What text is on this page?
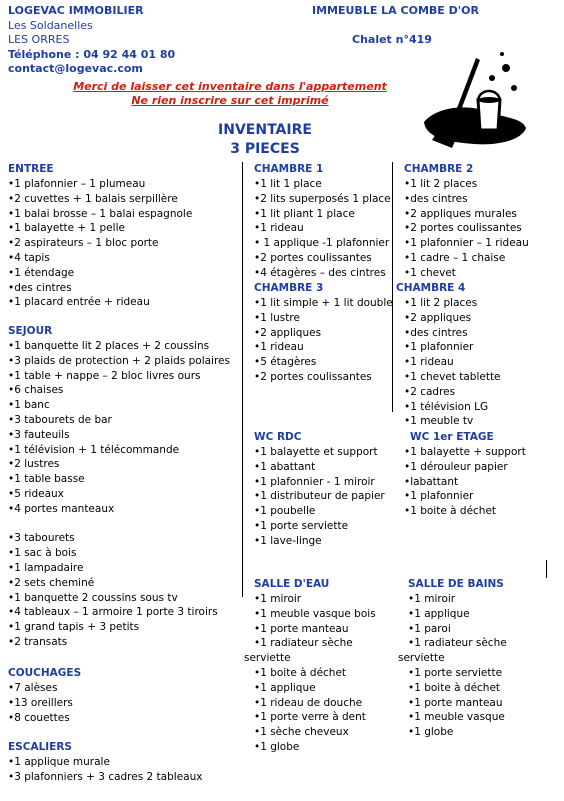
LOGEVAC IMMOBILIER
Les Soldanelles
LES ORRES
Téléphone : 04 92 44 01 80
contact@logevac.com
IMMEUBLE LA COMBE D'OR
Chalet n°419
Merci de laisser cet inventaire dans l'appartement
Ne rien inscrire sur cet imprimé
INVENTAIRE
3 PIECES
ENTREE
•1 plafonnier – 1 plumeau
•2 cuvettes + 1 balais serpillère
•1 balai brosse – 1 balai espagnole
•1 balayette + 1 pelle
•2 aspirateurs – 1 bloc porte
•4 tapis
•1 étendage
•des cintres
•1 placard entrée + rideau
SEJOUR
•1 banquette lit 2 places + 2 coussins
•3 plaids de protection + 2 plaids polaires
•1 table + nappe – 2 bloc livres ours
•6 chaises
•1 banc
•3 tabourets de bar
•3 fauteuils
•1 télévision + 1 télécommande
•2 lustres
•1 table basse
•5 rideaux
•4 portes manteaux
•3 tabourets
•1 sac à bois
•1 lampadaire
•2 sets cheminé
•1 banquette 2 coussins sous tv
•4 tableaux – 1 armoire 1 porte 3 tiroirs
•1 grand tapis + 3 petits
•2 transats
COUCHAGES
•7 alèses
•13 oreillers
•8 couettes
ESCALIERS
•1 applique murale
•3 plafonniers + 3 cadres 2 tableaux
CHAMBRE 1
•1 lit 1 place
•2 lits superposés 1 place
•1 lit pliant 1 place
•1 rideau
• 1 applique -1 plafonnier
•2 portes coulissantes
•4 étagères – des cintres
CHAMBRE 3
•1 lit simple + 1 lit double
•1 lustre
•2 appliques
•1 rideau
•5 étagères
•2 portes coulissantes
WC RDC
•1 balayette et support
•1 abattant
•1 plafonnier - 1 miroir
•1 distributeur de papier
•1 poubelle
•1 porte serviette
•1 lave-linge
SALLE D'EAU
•1 miroir
•1 meuble vasque bois
•1 porte manteau
•1 radiateur sèche
serviette
•1 boite à déchet
•1 applique
•1 rideau de douche
•1 porte verre à dent
•1 sèche cheveux
•1 globe
CHAMBRE 2
•1 lit 2 places
•des cintres
•2 appliques murales
•2 portes coulissantes
•1 plafonnier – 1 rideau
•1 cadre – 1 chaise
•1 chevet
CHAMBRE 4
•1 lit 2 places
•2 appliques
•des cintres
•1 plafonnier
•1 rideau
•1 chevet tablette
•2 cadres
•1 télévision LG
•1 meuble tv
WC 1er ETAGE
•1 balayette + support
•1 dérouleur papier
•labattant
•1 plafonnier
•1 boite à déchet
SALLE DE BAINS
•1 miroir
•1 applique
•1 paroi
•1 radiateur sèche
serviette
•1 porte serviette
•1 boite à déchet
•1 porte manteau
•1 meuble vasque
•1 globe
